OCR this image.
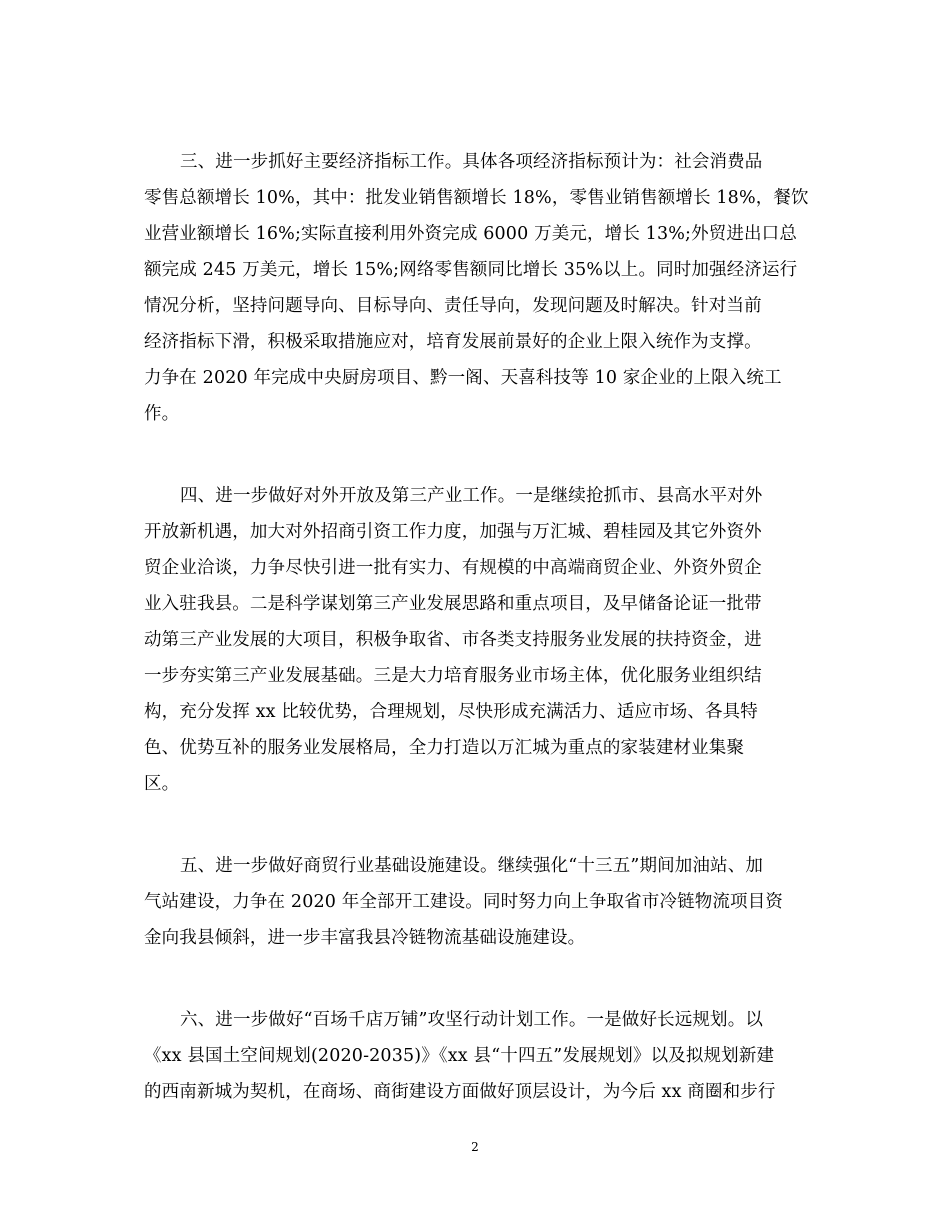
三、进一步抓好主要经济指标工作。具体各项经济指标预计为：社会消费品

零售总额增长 10%，其中：批发业销售额增长 18%，零售业销售额增长 18%，餐饮

业营业额增长 16%;实际直接利用外资完成 6000 万美元，增长 13%;外贸进出口总

额完成 245 万美元，增长 15%;网络零售额同比增长 35%以上。同时加强经济运行

情况分析，坚持问题导向、目标导向、责任导向，发现问题及时解决。针对当前

经济指标下滑，积极采取措施应对，培育发展前景好的企业上限入统作为支撑。

力争在 2020 年完成中央厨房项目、黔一阁、天喜科技等 10 家企业的上限入统工

作。

四、进一步做好对外开放及第三产业工作。一是继续抢抓市、县高水平对外

开放新机遇，加大对外招商引资工作力度，加强与万汇城、碧桂园及其它外资外

贸企业洽谈，力争尽快引进一批有实力、有规模的中高端商贸企业、外资外贸企

业入驻我县。二是科学谋划第三产业发展思路和重点项目，及早储备论证一批带

动第三产业发展的大项目，积极争取省、市各类支持服务业发展的扶持资金，进

一步夯实第三产业发展基础。三是大力培育服务业市场主体，优化服务业组织结

构，充分发挥 xx 比较优势，合理规划，尽快形成充满活力、适应市场、各具特

色、优势互补的服务业发展格局，全力打造以万汇城为重点的家装建材业集聚

区。

五、进一步做好商贸行业基础设施建设。继续强化“十三五”期间加油站、加

气站建设，力争在 2020 年全部开工建设。同时努力向上争取省市冷链物流项目资

金向我县倾斜，进一步丰富我县冷链物流基础设施建设。

六、进一步做好“百场千店万铺”攻坚行动计划工作。一是做好长远规划。以

《xx 县国土空间规划(2020-2035)》《xx 县“十四五”发展规划》以及拟规划新建

的西南新城为契机，在商场、商街建设方面做好顶层设计，为今后 xx 商圈和步行

2
